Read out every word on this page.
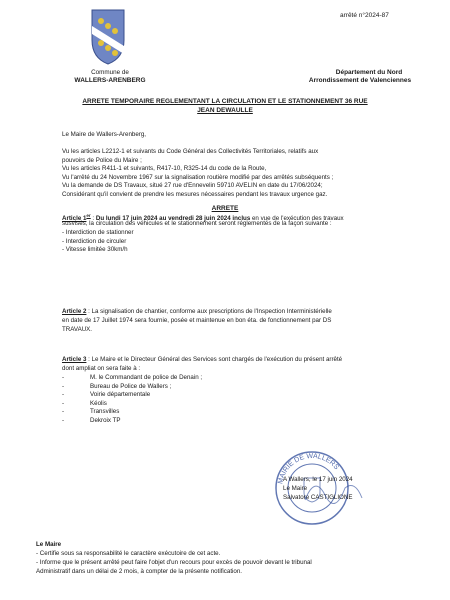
arrêté n°2024-87
Commune de
WALLERS-ARENBERG
Département du Nord
Arrondissement de Valenciennes
ARRETE TEMPORAIRE REGLEMENTANT LA CIRCULATION ET LE STATIONNEMENT 36 RUE
JEAN DEWAULLE
Le Maire de Wallers-Arenberg,
Vu les articles L2212-1 et suivants du Code Général des Collectivités Territoriales, relatifs aux
pouvoirs de Police du Maire ;
Vu les articles R411-1 et suivants, R417-10, R325-14 du code de la Route,
Vu l'arrêté du 24 Novembre 1967 sur la signalisation routière modifié par des arrêtés subséquents ;
Vu la demande de DS Travaux, situé 27 rue d'Ennevelin 59710 AVELIN en date du 17/06/2024;
Considérant qu'il convient de prendre les mesures nécessaires pendant les travaux urgence gaz.
ARRETE
Article 1er : Du lundi 17 juin 2024 au vendredi 28 juin 2024 inclus en vue de l'exécution des travaux
susvisés, la circulation des véhicules et le stationnement seront réglementés de la façon suivante :
- Interdiction de stationner
- Interdiction de circuler
- Vitesse limitée 30km/h
Article 2 : La signalisation de chantier, conforme aux prescriptions de l'Inspection Interministérielle
en date de 17 Juillet 1974 sera fournie, posée et maintenue en bon éta. de fonctionnement par DS
TRAVAUX.
Article 3 : Le Maire et le Directeur Général des Services sont chargés de l'exécution du présent arrêté
dont ampliat on sera faite à :
-
-
-
-
-
-
M. le Commandant de police de Denain ;
Bureau de Police de Wallers ;
Voirie départementale
Kéolis
Transvilles
Dekroix TP
MAIRIE DE WALLERS
A Wallers, le 17 juin 2024
Le Maire
Salvatore CASTIGLIONE
Le Maire
- Certifie sous sa responsabilité le caractère exécutoire de cet acte.
- Informe que le présent arrêté peut faire l'objet d'un recours pour excès de pouvoir devant le tribunal
Administratif dans un délai de 2 mois, à compter de la présente notification.
